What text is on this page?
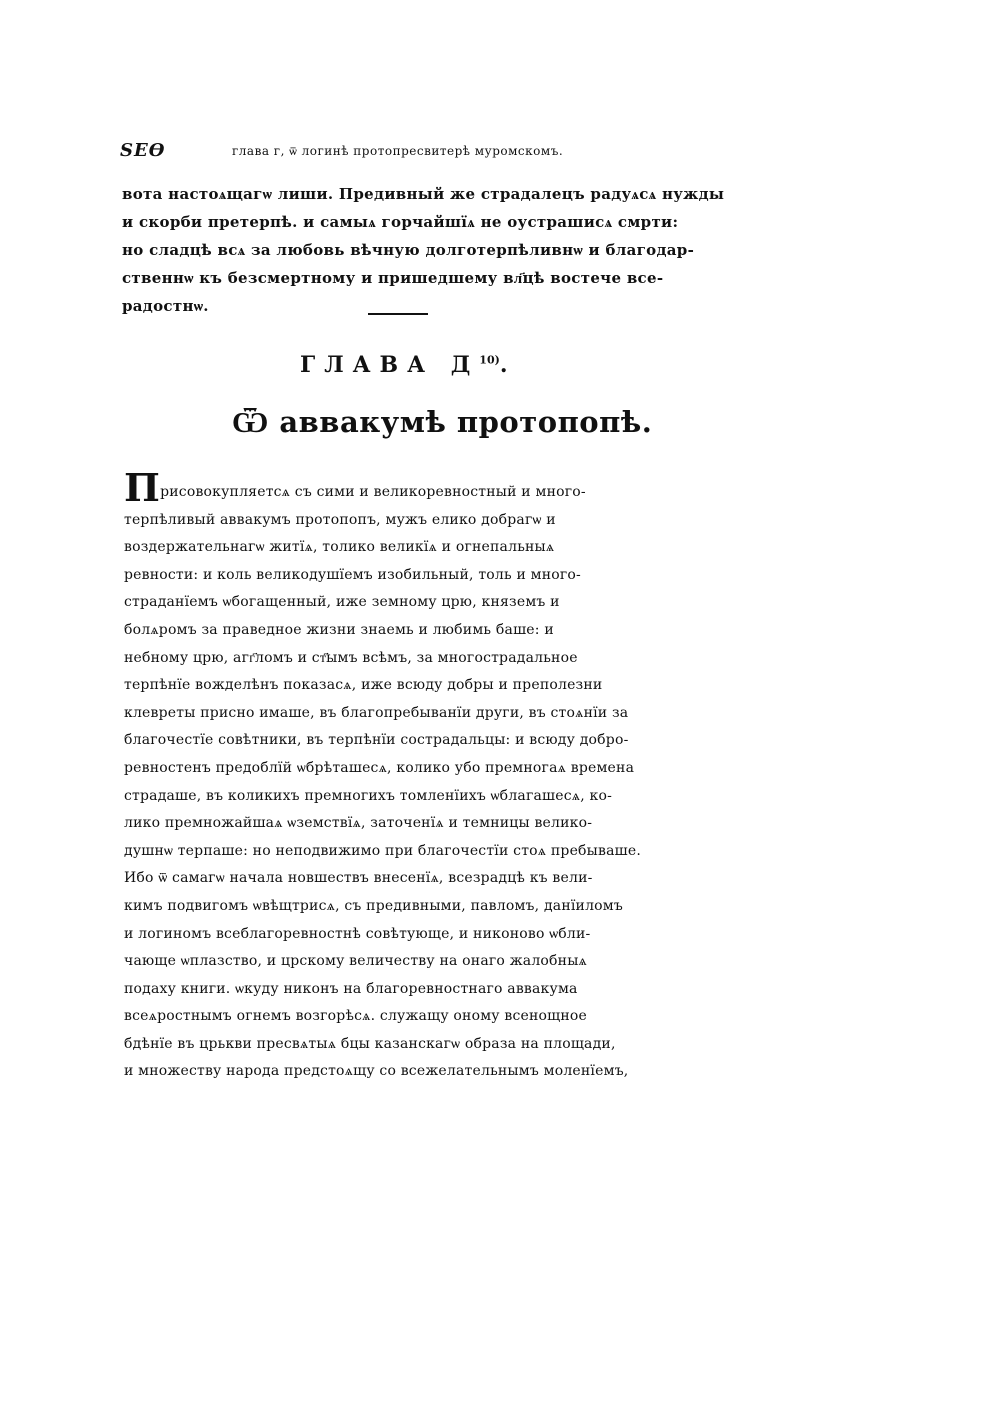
ЅЕѲ	глава г, ѿ логинѣ протопресвитерѣ муромскомъ.
вота настоѧщагѡ лиши. Предивный же страдалецъ радуѧсѧ нужды
и скорби претерпѣ. и самыѧ горчайшїѧ не оустрашисѧ смрти:
но сладцѣ всѧ за любовь вѣчную долготерпѣливнѡ и благодар-
ственнѡ къ безсмертному и пришедшему вл҃цѣ востече все-
радостнѡ.
ГЛАВА $Д^{10)}$.
Ѿ аввакумѣ протопопѣ.
Присовокупляетсѧ съ сими и великоревностный и много-
терпѣливый аввакумъ протопопъ, мужъ елико добрагѡ и
воздержательнагѡ житїѧ, толико великїѧ и огнепальныѧ
ревности: и коль великодушїемъ изобильный, толь и много-
страданїемъ ѡбогащенный, иже земному црю, княземъ и
болѧромъ за праведное жизни знаемь и любимь баше: и
небному црю, агг҃ломъ и ст҃ымъ всѣмъ, за многострадальное
терпѣнїе вожделѣнъ показасѧ, иже всюду добры и преполезни
клевреты присно имаше, въ благопребыванїи други, въ стоѧнїи за
благочестїе совѣтники, въ терпѣнїи сострадальцы: и всюду добро-
ревностенъ предоблїй ѡбрѣташесѧ, колико убо премногаѧ времена
страдаше, въ коликихъ премногихъ томленїихъ ѡблагашесѧ, ко-
лико премножайшаѧ ѡземствїѧ, заточенїѧ и темницы велико-
душнѡ терпаше: но неподвижимо при благочестїи стоѧ пребываше.
Ибо ѿ самагѡ начала новшествъ внесенїѧ, всезрадцѣ къ вели-
кимъ подвигомъ ѡвѣщтрисѧ, съ предивными, павломъ, данїиломъ
и логиномъ всеблагоревностнѣ совѣтующе, и никоново ѡбли-
чающе ѡплазство, и црскому величеству на онаго жалобныѧ
подаху книги. ѡкуду никонъ на благоревностнаго аввакума
всеѧростнымъ огнемъ возгорѣсѧ. служащу оному всенощное
бдѣнїе въ црькви пресвѧтыѧ бцы казанскагѡ образа на площади,
и множеству народа предстоѧщу со всежелательнымъ моленїемъ,
